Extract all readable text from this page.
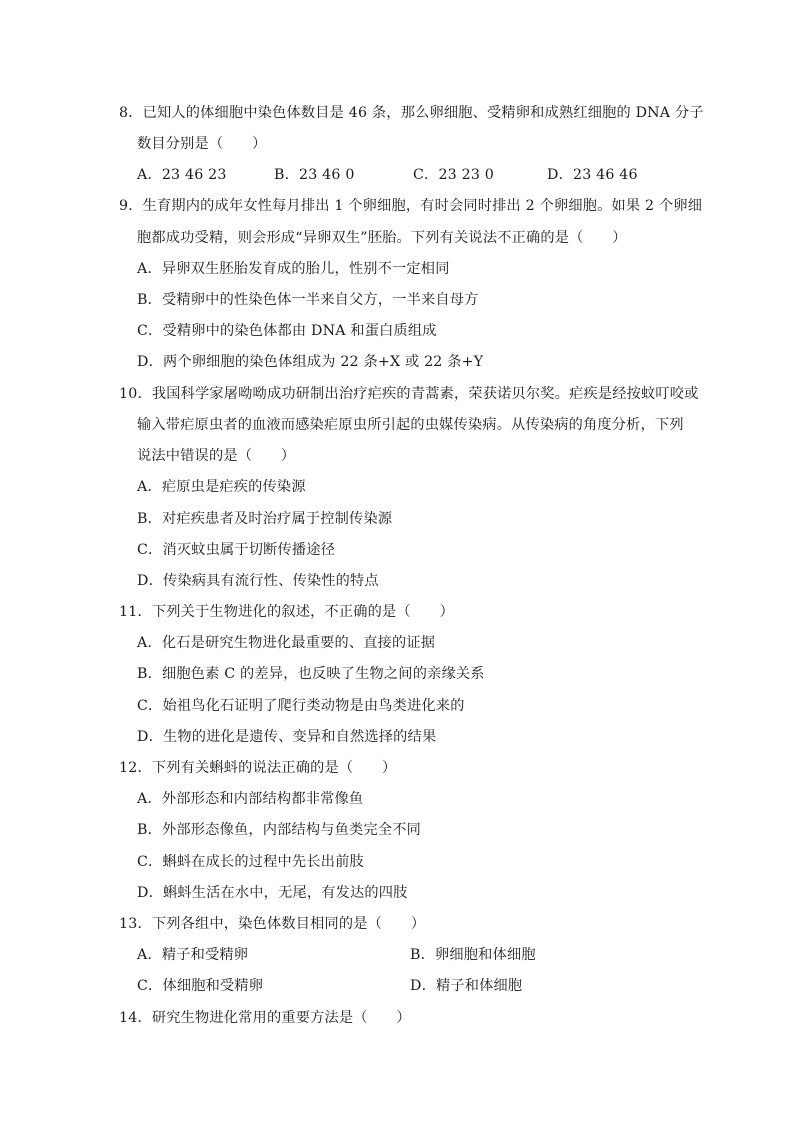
8．已知人的体细胞中染色体数目是 46 条，那么卵细胞、受精卵和成熟红细胞的 DNA 分子
数目分别是（　　）
A．23 46 23	B．23 46 0	C．23 23 0	D．23 46 46
9．生育期内的成年女性每月排出 1 个卵细胞，有时会同时排出 2 个卵细胞。如果 2 个卵细
胞都成功受精，则会形成“异卵双生”胚胎。下列有关说法不正确的是（　　）
A．异卵双生胚胎发育成的胎儿，性别不一定相同
B．受精卵中的性染色体一半来自父方，一半来自母方
C．受精卵中的染色体都由 DNA 和蛋白质组成
D．两个卵细胞的染色体组成为 22 条+X 或 22 条+Y
10．我国科学家屠呦呦成功研制出治疗疟疾的青蒿素，荣获诺贝尔奖。疟疾是经按蚊叮咬或
输入带疟原虫者的血液而感染疟原虫所引起的虫媒传染病。从传染病的角度分析，下列
说法中错误的是（　　）
A．疟原虫是疟疾的传染源
B．对疟疾患者及时治疗属于控制传染源
C．消灭蚊虫属于切断传播途径
D．传染病具有流行性、传染性的特点
11．下列关于生物进化的叙述，不正确的是（　　）
A．化石是研究生物进化最重要的、直接的证据
B．细胞色素 C 的差异，也反映了生物之间的亲缘关系
C．始祖鸟化石证明了爬行类动物是由鸟类进化来的
D．生物的进化是遗传、变异和自然选择的结果
12．下列有关蝌蚪的说法正确的是（　　）
A．外部形态和内部结构都非常像鱼
B．外部形态像鱼，内部结构与鱼类完全不同
C．蝌蚪在成长的过程中先长出前肢
D．蝌蚪生活在水中，无尾，有发达的四肢
13．下列各组中，染色体数目相同的是（　　）
A．精子和受精卵	B．卵细胞和体细胞
C．体细胞和受精卵	D．精子和体细胞
14．研究生物进化常用的重要方法是（　　）
